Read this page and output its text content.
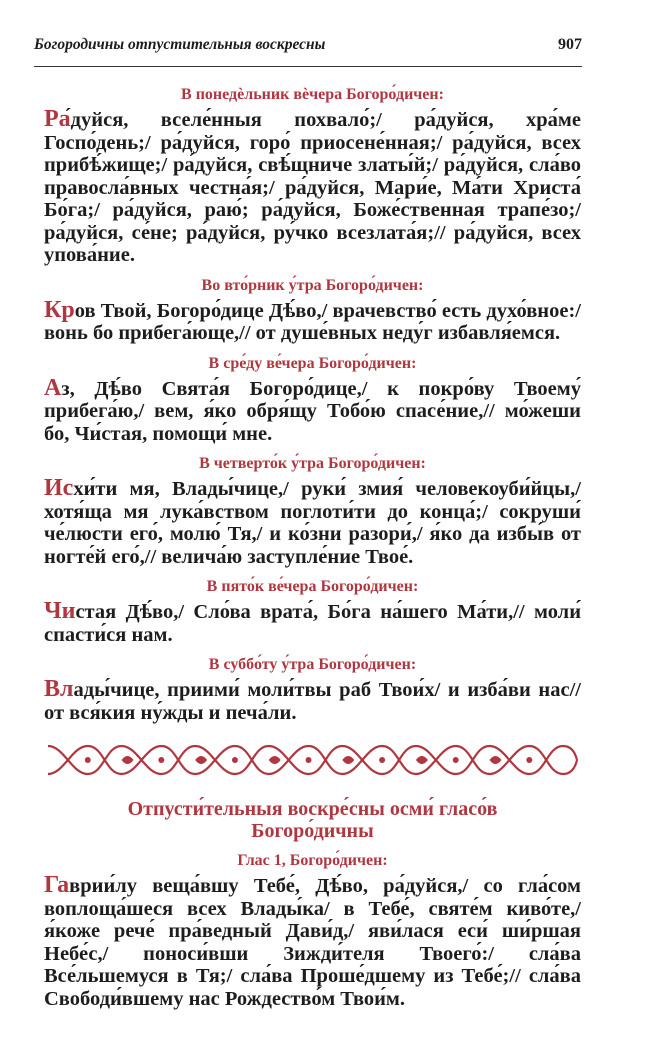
Богородичны отпустительныя воскресны	907
В понедѐльник вѐчера Богоро́дичен:

Ра́дуйся, вселе́нныя похвало́;/ ра́дуйся, хра́ме Госпо́день;/ ра́дуйся, горо́ приосене́нная;/ ра́дуйся, всех прибѣ́жище;/ ра́дуйся, свѣ́щниче златы́й;/ ра́дуйся, сла́во правосла́вных честна́я;/ ра́дуйся, Мари́е, Ма́ти Христа́ Бо́га;/ ра́дуйся, раю́; ра́дуйся, Боже́ственная трапе́зо;/ ра́дуйся, се́не; ра́дуйся, ру́чко всезлата́я;// ра́дуйся, всех упова́ние.

Во вто́рник у́тра Богоро́дичен:

Кров Твой, Богоро́дице Дѣ́во,/ врачевство́ есть духо́вное:/ вонь бо прибега́юще,// от душе́вных неду́г избавля́емся.

В сре́ду ве́чера Богоро́дичен:

Аз, Дѣ́во Свята́я Богоро́дице,/ к покро́ву Твоему́ прибега́ю,/ вем, я́ко обря́щу Тобо́ю спасе́ние,// мо́жеши бо, Чи́стая, помощи́ мне.

В четверто́к у́тра Богоро́дичен:

Исхи́ти мя, Влады́чице,/ руки́ змия́ человекоуби́йцы,/ хотя́ща мя лука́вством поглоти́ти до конца́;/ сокруши́ че́люсти его́, молю́ Тя,/ и ко́зни разори́,/ я́ко да избы́в от ногте́й его́,// велича́ю заступле́ние Твое́.

В пято́к ве́чера Богоро́дичен:

Чистая Дѣ́во,/ Сло́ва врата́, Бо́га на́шего Ма́ти,// моли́ спасти́ся нам.

В суббо́ту у́тра Богоро́дичен:

Влады́чице, приими́ моли́твы раб Твои́х/ и изба́ви нас// от вся́кия ну́жды и печа́ли.

Отпусти́тельныя воскре́сны осми́ гласо́в
Богоро́дичны
Глас 1, Богоро́дичен:

Гаврии́лу веща́вшу Тебе́, Дѣ́во, ра́дуйся,/ со гла́сом воплоща́шеся всех Влады́ка/ в Тебе́, святе́м киво́те,/ я́коже рече́ пра́ведный Дави́д,/ яви́лася еси́ ши́ршая Небе́с,/ поноси́вши Зижди́теля Твоего́:/ сла́ва Все́льшемуся в Тя;/ сла́ва Проше́дшему из Тебе́;// сла́ва Свободи́вшему нас Рождество́м Твои́м.
